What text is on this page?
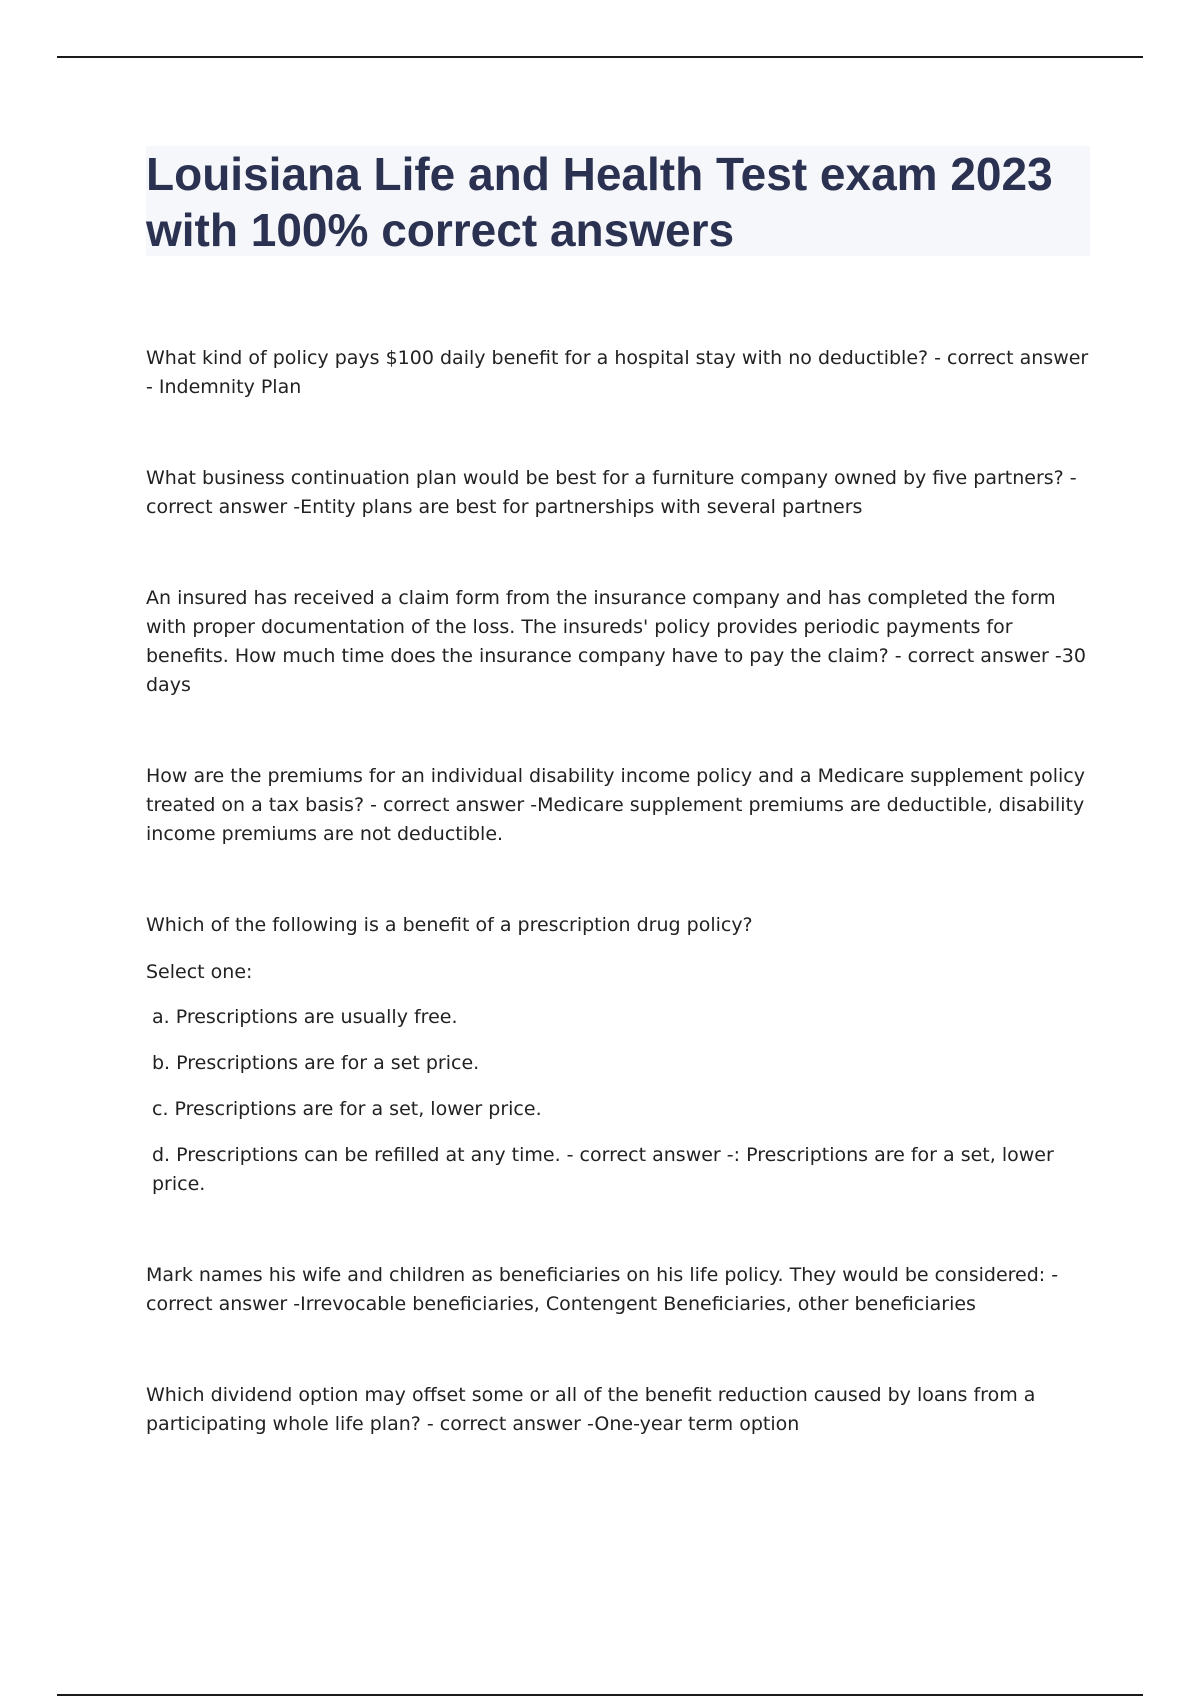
Louisiana Life and Health Test exam 2023 with 100% correct answers

What kind of policy pays $100 daily benefit for a hospital stay with no deductible? - correct answer - Indemnity Plan

What business continuation plan would be best for a furniture company owned by five partners? - correct answer -Entity plans are best for partnerships with several partners

An insured has received a claim form from the insurance company and has completed the form with proper documentation of the loss. The insureds' policy provides periodic payments for benefits. How much time does the insurance company have to pay the claim? - correct answer -30 days

How are the premiums for an individual disability income policy and a Medicare supplement policy treated on a tax basis? - correct answer -Medicare supplement premiums are deductible, disability income premiums are not deductible.

Which of the following is a benefit of a prescription drug policy?

Select one:

a. Prescriptions are usually free.

b. Prescriptions are for a set price.

c. Prescriptions are for a set, lower price.

d. Prescriptions can be refilled at any time. - correct answer -: Prescriptions are for a set, lower price.

Mark names his wife and children as beneficiaries on his life policy. They would be considered: - correct answer -Irrevocable beneficiaries, Contengent Beneficiaries, other beneficiaries

Which dividend option may offset some or all of the benefit reduction caused by loans from a participating whole life plan? - correct answer -One-year term option
